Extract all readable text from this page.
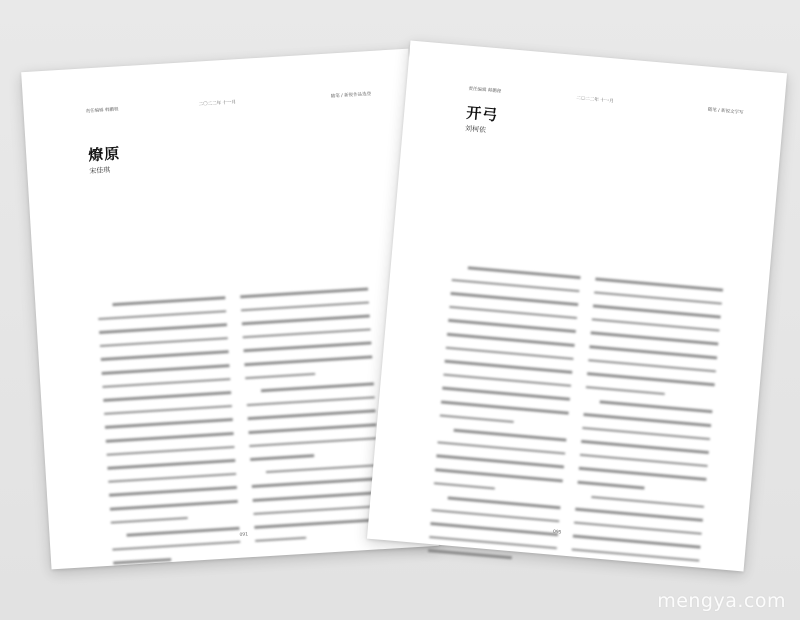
责任编辑 韩鹏程
二〇二二年 十一月
随笔 / 新锐作品选登
燎原
宋佳琪
091
责任编辑 韩鹏程
二〇二二年 十一月
随笔 / 新锐文学写
开弓
刘柯依
095
mengya.com
